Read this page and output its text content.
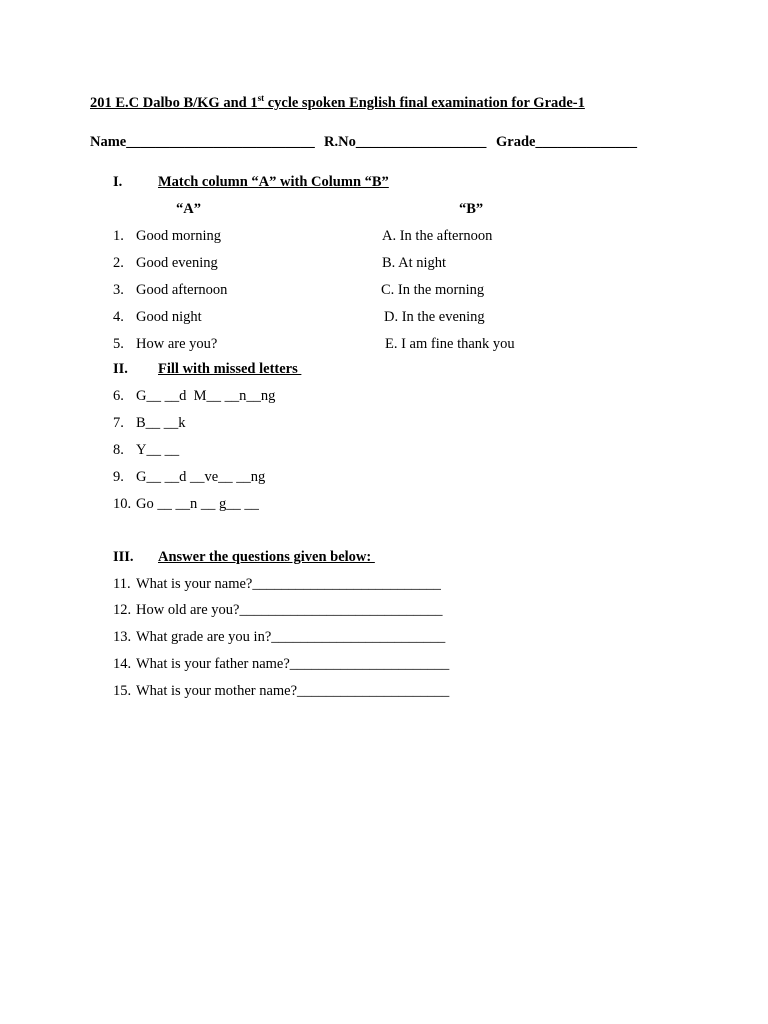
201 E.C Dalbo B/KG and 1st cycle spoken English final examination for Grade-1
Name__________________________ R.No__________________ Grade______________
I. Match column “A” with Column “B”
“A”	“B”
1. Good morning
2. Good evening
3. Good afternoon
4. Good night
5. How are you?
A. In the afternoon
B. At night
C. In the morning
D. In the evening
E. I am fine thank you
II. Fill with missed letters
6. G__ __d  M__ __n__ng
7. B__ __k
8. Y__ __
9. G__ __d __ve__ __ng
10. Go __ __n __ g__ __
III. Answer the questions given below:
11. What is your name?__________________________
12. How old are you?____________________________
13. What grade are you in?________________________
14. What is your father name?______________________
15. What is your mother name?_____________________
